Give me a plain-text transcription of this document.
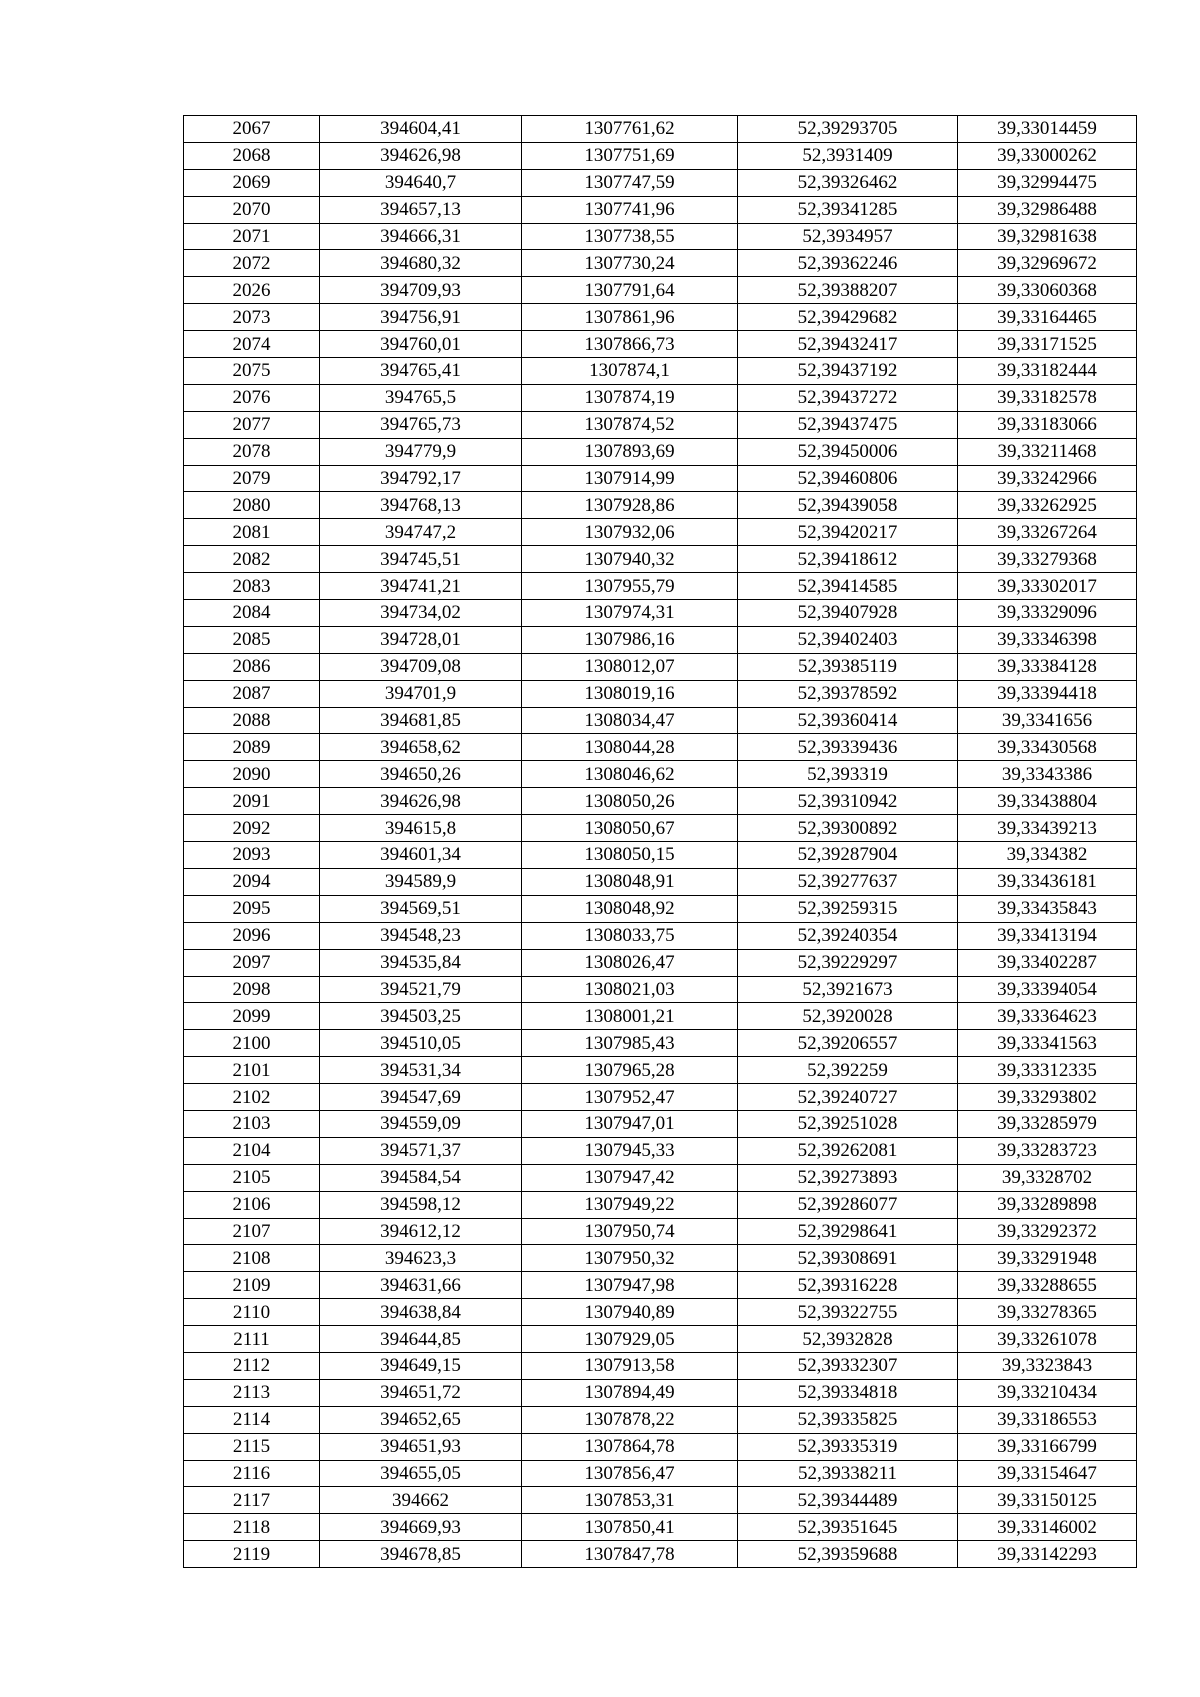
2067	394604,41	1307761,62	52,39293705	39,33014459
2068	394626,98	1307751,69	52,3931409	39,33000262
2069	394640,7	1307747,59	52,39326462	39,32994475
2070	394657,13	1307741,96	52,39341285	39,32986488
2071	394666,31	1307738,55	52,3934957	39,32981638
2072	394680,32	1307730,24	52,39362246	39,32969672
2026	394709,93	1307791,64	52,39388207	39,33060368
2073	394756,91	1307861,96	52,39429682	39,33164465
2074	394760,01	1307866,73	52,39432417	39,33171525
2075	394765,41	1307874,1	52,39437192	39,33182444
2076	394765,5	1307874,19	52,39437272	39,33182578
2077	394765,73	1307874,52	52,39437475	39,33183066
2078	394779,9	1307893,69	52,39450006	39,33211468
2079	394792,17	1307914,99	52,39460806	39,33242966
2080	394768,13	1307928,86	52,39439058	39,33262925
2081	394747,2	1307932,06	52,39420217	39,33267264
2082	394745,51	1307940,32	52,39418612	39,33279368
2083	394741,21	1307955,79	52,39414585	39,33302017
2084	394734,02	1307974,31	52,39407928	39,33329096
2085	394728,01	1307986,16	52,39402403	39,33346398
2086	394709,08	1308012,07	52,39385119	39,33384128
2087	394701,9	1308019,16	52,39378592	39,33394418
2088	394681,85	1308034,47	52,39360414	39,3341656
2089	394658,62	1308044,28	52,39339436	39,33430568
2090	394650,26	1308046,62	52,393319	39,3343386
2091	394626,98	1308050,26	52,39310942	39,33438804
2092	394615,8	1308050,67	52,39300892	39,33439213
2093	394601,34	1308050,15	52,39287904	39,334382
2094	394589,9	1308048,91	52,39277637	39,33436181
2095	394569,51	1308048,92	52,39259315	39,33435843
2096	394548,23	1308033,75	52,39240354	39,33413194
2097	394535,84	1308026,47	52,39229297	39,33402287
2098	394521,79	1308021,03	52,3921673	39,33394054
2099	394503,25	1308001,21	52,3920028	39,33364623
2100	394510,05	1307985,43	52,39206557	39,33341563
2101	394531,34	1307965,28	52,392259	39,33312335
2102	394547,69	1307952,47	52,39240727	39,33293802
2103	394559,09	1307947,01	52,39251028	39,33285979
2104	394571,37	1307945,33	52,39262081	39,33283723
2105	394584,54	1307947,42	52,39273893	39,3328702
2106	394598,12	1307949,22	52,39286077	39,33289898
2107	394612,12	1307950,74	52,39298641	39,33292372
2108	394623,3	1307950,32	52,39308691	39,33291948
2109	394631,66	1307947,98	52,39316228	39,33288655
2110	394638,84	1307940,89	52,39322755	39,33278365
2111	394644,85	1307929,05	52,3932828	39,33261078
2112	394649,15	1307913,58	52,39332307	39,3323843
2113	394651,72	1307894,49	52,39334818	39,33210434
2114	394652,65	1307878,22	52,39335825	39,33186553
2115	394651,93	1307864,78	52,39335319	39,33166799
2116	394655,05	1307856,47	52,39338211	39,33154647
2117	394662	1307853,31	52,39344489	39,33150125
2118	394669,93	1307850,41	52,39351645	39,33146002
2119	394678,85	1307847,78	52,39359688	39,33142293
